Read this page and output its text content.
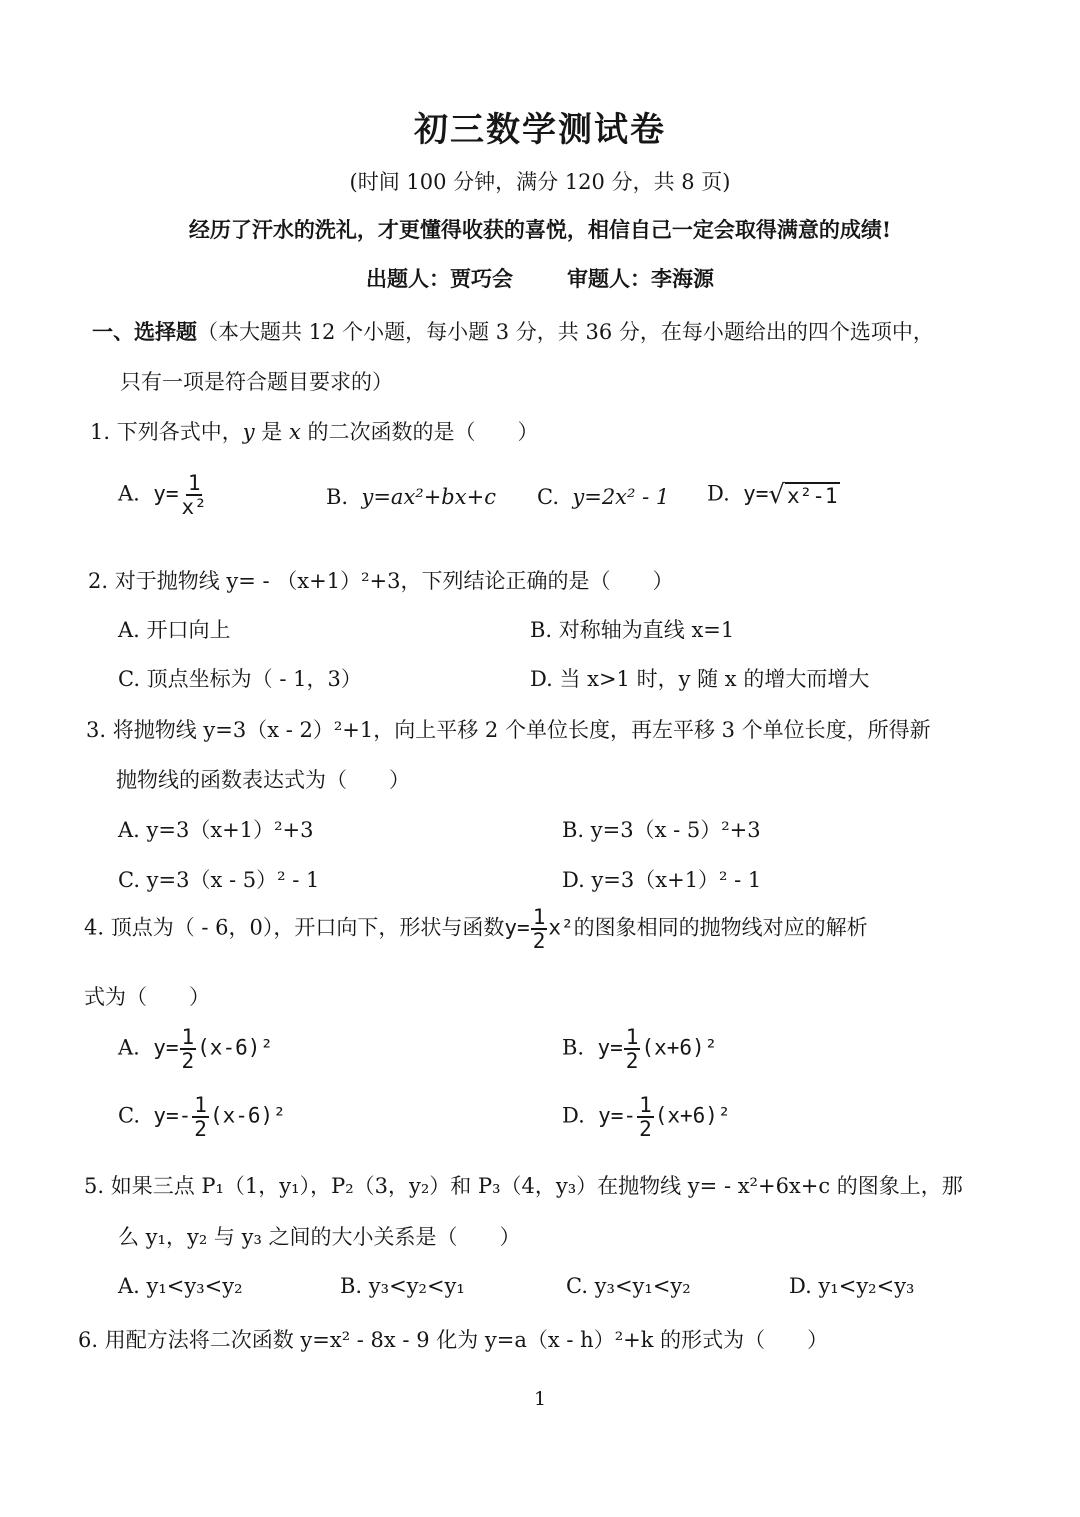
初三数学测试卷
(时间 100 分钟，满分 120 分，共 8 页)
经历了汗水的洗礼，才更懂得收获的喜悦，相信自己一定会取得满意的成绩!
出题人：贾巧会	审题人：李海源
一、选择题（本大题共 12 个小题，每小题 3 分，共 36 分，在每小题给出的四个选项中，
只有一项是符合题目要求的）
1. 下列各式中，y 是 x 的二次函数的是（　　）
A. $y= \frac{1}{\text{x²}}$	B. y=ax²+bx+c C. y=2x² - 1 D. y=√x²-1
2. 对于抛物线 y= - （x+1）²+3，下列结论正确的是（　　）
A. 开口向上	B. 对称轴为直线 x=1
C. 顶点坐标为（ - 1，3）	D. 当 x>1 时，y 随 x 的增大而增大
3. 将抛物线 y=3（x - 2）²+1，向上平移 2 个单位长度，再左平移 3 个单位长度，所得新
抛物线的函数表达式为（　　）
A. y=3（x+1）²+3	B. y=3（x - 5）²+3
C. y=3（x - 5）² - 1	D. y=3（x+1）² - 1
4. 顶点为（ - 6，0），开口向下，形状与函数$y= \frac{1}{2} x^2$的图象相同的抛物线对应的解析
式为（　　）
A. $y= \frac{1}{2} (x-6)^2$	B. $y= \frac{1}{2} (x+6)^2$
C. $y=- \frac{1}{2} (x-6)^2$	D. $y=- \frac{1}{2} (x+6)^2$
5. 如果三点 P₁（1，y₁），P₂（3，y₂）和 P₃（4，y₃）在抛物线 y= - x²+6x+c 的图象上，那
么 y₁，y₂ 与 y₃ 之间的大小关系是（　　）
A. y₁<y₃<y₂	B. y₃<y₂<y₁	C. y₃<y₁<y₂	D. y₁<y₂<y₃
6. 用配方法将二次函数 y=x² - 8x - 9 化为 y=a（x - h）²+k 的形式为（　　）
1
